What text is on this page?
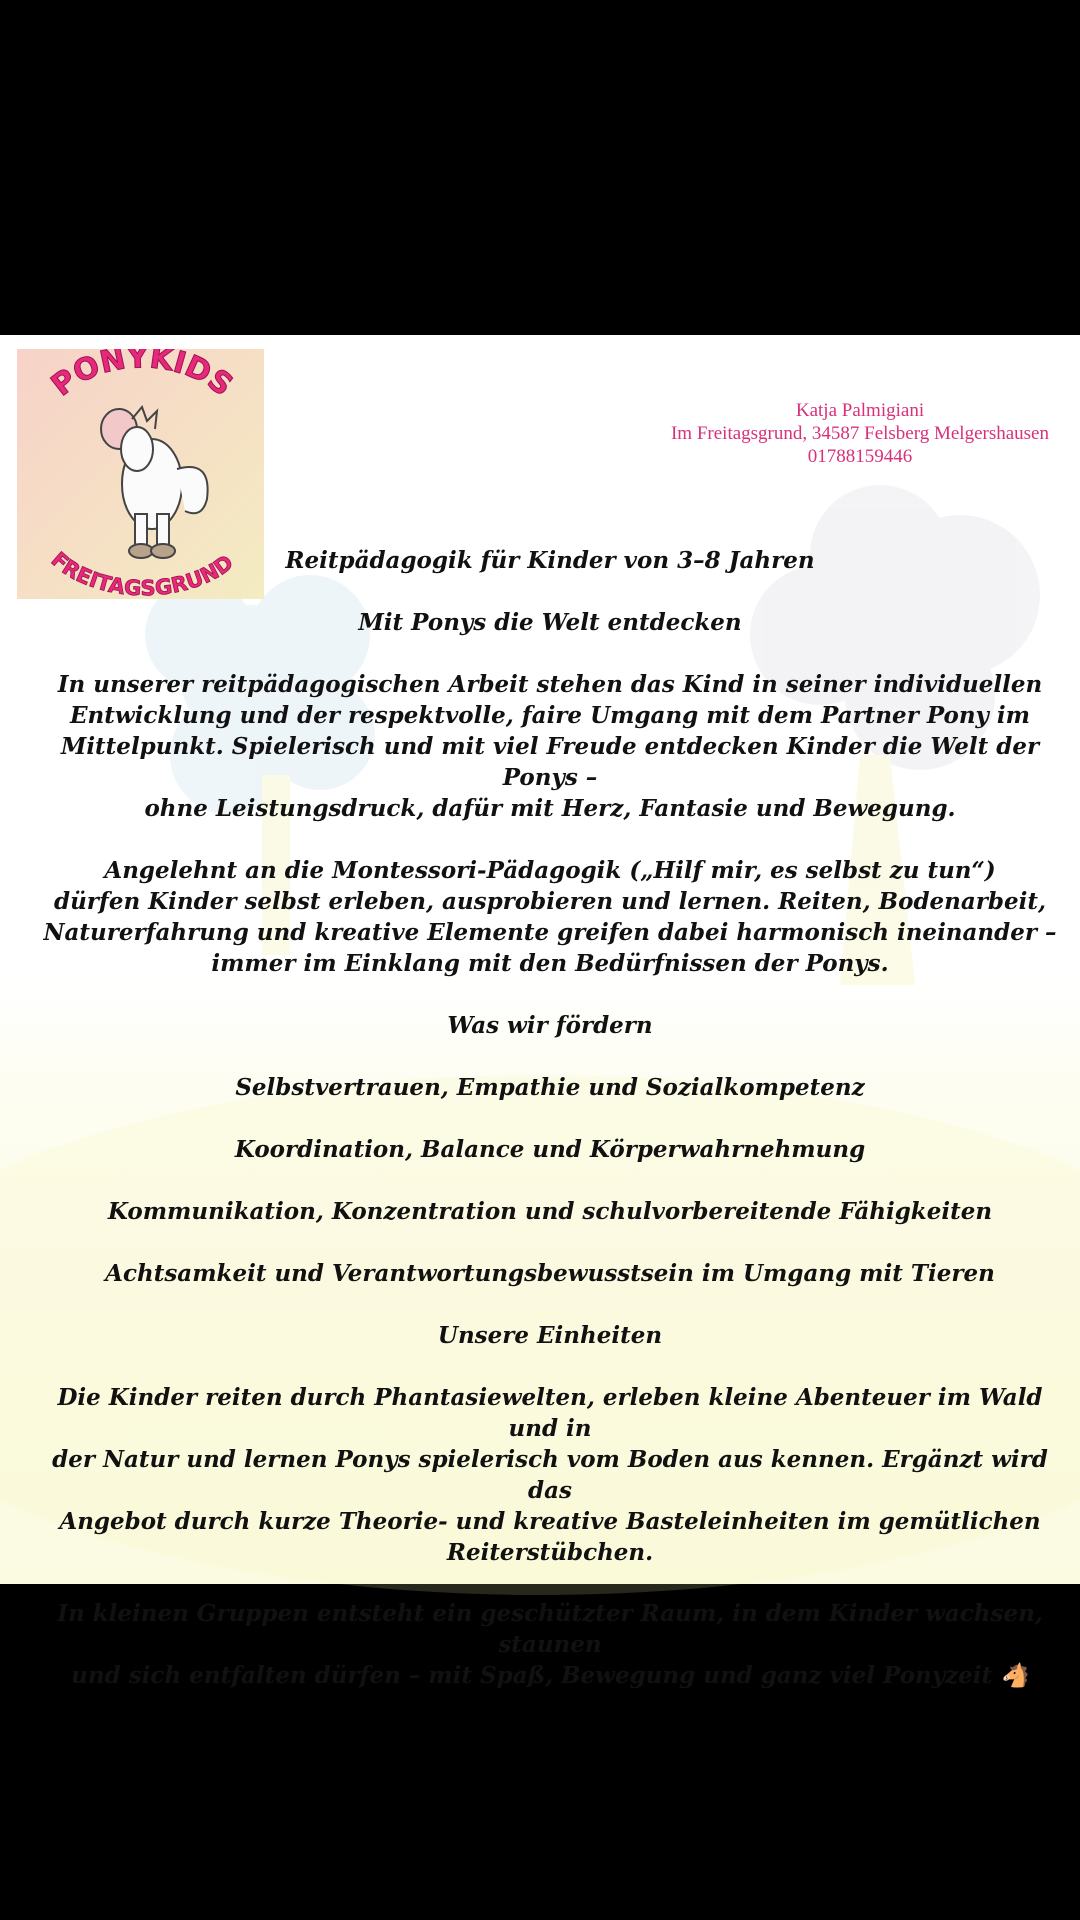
PONYKIDS
FREITAGSGRUND
Katja Palmigiani
Im Freitagsgrund, 34587 Felsberg Melgershausen
01788159446

Reitpädagogik für Kinder von 3–8 Jahren

Mit Ponys die Welt entdecken

In unserer reitpädagogischen Arbeit stehen das Kind in seiner individuellen

Entwicklung und der respektvolle, faire Umgang mit dem Partner Pony im

Mittelpunkt. Spielerisch und mit viel Freude entdecken Kinder die Welt der Ponys –

ohne Leistungsdruck, dafür mit Herz, Fantasie und Bewegung.

Angelehnt an die Montessori-Pädagogik („Hilf mir, es selbst zu tun“)

dürfen Kinder selbst erleben, ausprobieren und lernen. Reiten, Bodenarbeit,

Naturerfahrung und kreative Elemente greifen dabei harmonisch ineinander –

immer im Einklang mit den Bedürfnissen der Ponys.

Was wir fördern

Selbstvertrauen, Empathie und Sozialkompetenz

Koordination, Balance und Körperwahrnehmung

Kommunikation, Konzentration und schulvorbereitende Fähigkeiten

Achtsamkeit und Verantwortungsbewusstsein im Umgang mit Tieren

Unsere Einheiten

Die Kinder reiten durch Phantasiewelten, erleben kleine Abenteuer im Wald und in

der Natur und lernen Ponys spielerisch vom Boden aus kennen. Ergänzt wird das

Angebot durch kurze Theorie- und kreative Basteleinheiten im gemütlichen

Reiterstübchen.

In kleinen Gruppen entsteht ein geschützter Raum, in dem Kinder wachsen, staunen

und sich entfalten dürfen – mit Spaß, Bewegung und ganz viel Ponyzeit 🐴
